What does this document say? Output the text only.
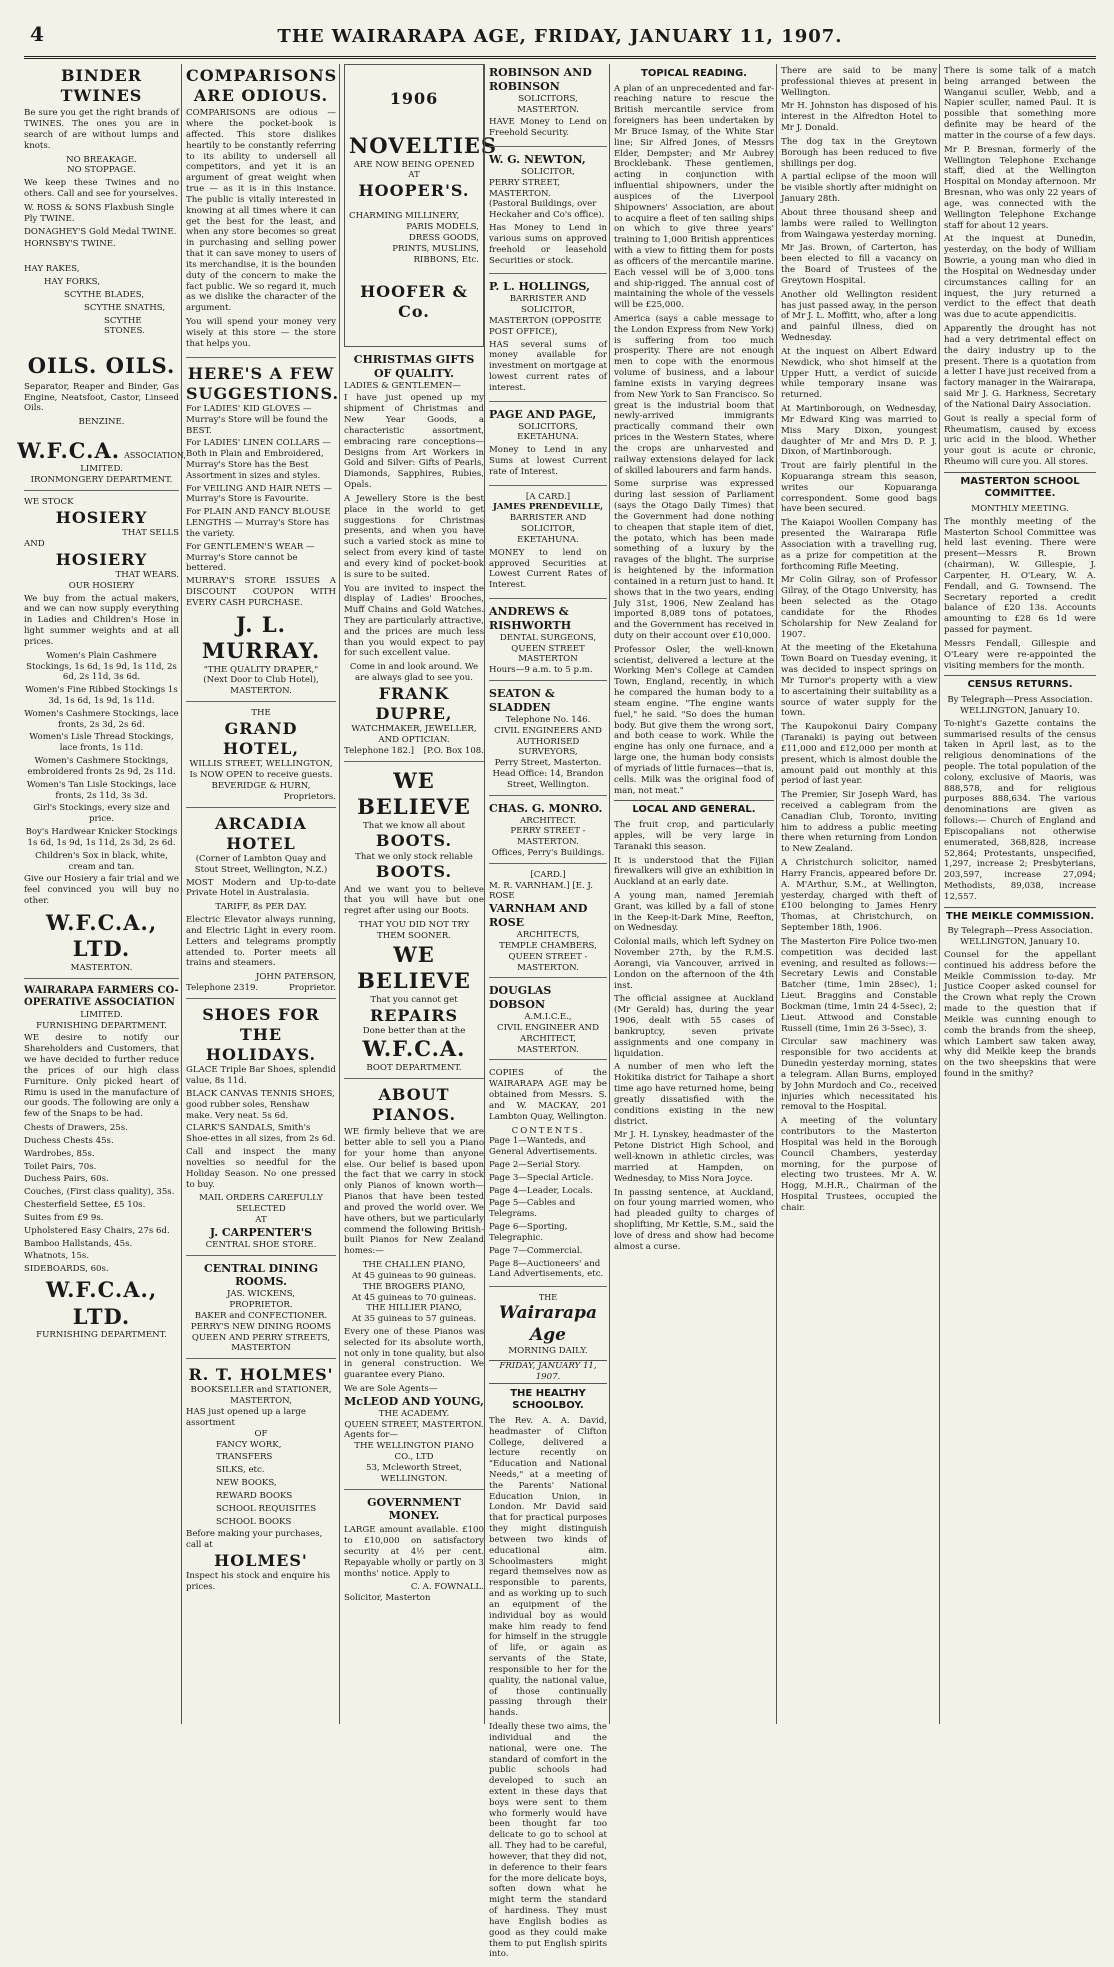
4	THE WAIRARAPA AGE, FRIDAY, JANUARY 11, 1907.
BINDER TWINES
Be sure you get the right brands of TWINES. The ones you are in search of are without lumps and knots.
NO BREAKAGE.
NO STOPPAGE.
We keep these Twines and no others. Call and see for yourselves.
W. ROSS & SONS Flaxbush Single Ply TWINE.
DONAGHEY'S Gold Medal TWINE.
HORNSBY'S TWINE.
HAY RAKES,
HAY FORKS,
SCYTHE BLADES,
SCYTHE SNATHS,
SCYTHE STONES.
OILS. OILS.
Separator, Reaper and Binder, Gas Engine, Neatsfoot, Castor, Linseed Oils.
BENZINE.
W.F.C.A. ASSOCIATION,
LIMITED.
IRONMONGERY DEPARTMENT.
WE STOCK
HOSIERY
THAT SELLS
AND
HOSIERY
THAT WEARS.
OUR HOSIERY
We buy from the actual makers, and we can now supply everything in Ladies and Children's Hose in light summer weights and at all prices.
Women's Plain Cashmere Stockings, 1s 6d, 1s 9d, 1s 11d, 2s 6d, 2s 11d, 3s 6d.
Women's Fine Ribbed Stockings 1s 3d, 1s 6d, 1s 9d, 1s 11d.
Women's Cashmere Stockings, lace fronts, 2s 3d, 2s 6d.
Women's Lisle Thread Stockings, lace fronts, 1s 11d.
Women's Cashmere Stockings, embroidered fronts 2s 9d, 2s 11d.
Women's Tan Lisle Stockings, lace fronts, 2s 11d, 3s 3d.
Girl's Stockings, every size and price.
Boy's Hardwear Knicker Stockings 1s 6d, 1s 9d, 1s 11d, 2s 3d, 2s 6d.
Children's Sox in black, white, cream and tan.
Give our Hosiery a fair trial and we feel convinced you will buy no other.
W.F.C.A., LTD.
MASTERTON.
WAIRARAPA FARMERS CO-OPERATIVE ASSOCIATION
LIMITED.
FURNISHING DEPARTMENT.
WE desire to notify our Shareholders and Customers, that we have decided to further reduce the prices of our high class Furniture. Only picked heart of Rimu is used in the manufacture of our goods. The following are only a few of the Snaps to be had.
Chests of Drawers, 25s.
Duchess Chests 45s.
Wardrobes, 85s.
Toilet Pairs, 70s.
Duchess Pairs, 60s.
Couches, (First class quality), 35s.
Chesterfield Settee, £5 10s.
Suites from £9 9s.
Upholstered Easy Chairs, 27s 6d.
Bamboo Hallstands, 45s.
Whatnots, 15s.
SIDEBOARDS, 60s.
W.F.C.A., LTD.
FURNISHING DEPARTMENT.
COMPARISONS ARE ODIOUS.
COMPARISONS are odious — where the pocket-book is affected. This store dislikes heartily to be constantly referring to its ability to undersell all competitors, and yet it is an argument of great weight when true — as it is in this instance. The public is vitally interested in knowing at all times where it can get the best for the least, and when any store becomes so great in purchasing and selling power that it can save money to users of its merchandise, it is the bounden duty of the concern to make the fact public. We so regard it, much as we dislike the character of the argument.
You will spend your money very wisely at this store — the store that helps you.
HERE'S A FEW SUGGESTIONS.
For LADIES' KID GLOVES — Murray's Store will be found the BEST.
For LADIES' LINEN COLLARS — Both in Plain and Embroidered, Murray's Store has the Best Assortment in sizes and styles.
For VEILING AND HAIR NETS — Murray's Store is Favourite.
For PLAIN AND FANCY BLOUSE LENGTHS — Murray's Store has the variety.
For GENTLEMEN'S WEAR — Murray's Store cannot be bettered.
MURRAY'S STORE ISSUES A DISCOUNT COUPON WITH EVERY CASH PURCHASE.
J. L. MURRAY.
"THE QUALITY DRAPER,"
(Next Door to Club Hotel),
MASTERTON.
THE
GRAND HOTEL,
WILLIS STREET, WELLINGTON,
Is NOW OPEN to receive guests.
BEVERIDGE & HURN,
Proprietors.
ARCADIA HOTEL
(Corner of Lambton Quay and Stout Street, Wellington, N.Z.)
MOST Modern and Up-to-date Private Hotel in Australasia.
TARIFF, 8s PER DAY.
Electric Elevator always running, and Electric Light in every room. Letters and telegrams promptly attended to. Porter meets all trains and steamers.
JOHN PATERSON,
Telephone 2319.	Proprietor.
SHOES FOR THE HOLIDAYS.
GLACE Triple Bar Shoes, splendid value, 8s 11d.
BLACK CANVAS TENNIS SHOES, good rubber soles, Renshaw make. Very neat. 5s 6d.
CLARK'S SANDALS, Smith's Shoe-ettes in all sizes, from 2s 6d.
Call and inspect the many novelties so needful for the Holiday Season. No one pressed to buy.
MAIL ORDERS CAREFULLY SELECTED
AT
J. CARPENTER'S
CENTRAL SHOE STORE.
CENTRAL DINING ROOMS.
JAS. WICKENS,
PROPRIETOR.
BAKER and CONFECTIONER.
PERRY'S NEW DINING ROOMS
QUEEN AND PERRY STREETS,
MASTERTON
R. T. HOLMES'
BOOKSELLER and STATIONER,
MASTERTON,
HAS just opened up a large assortment
OF
FANCY WORK,
TRANSFERS
SILKS, etc.
NEW BOOKS,
REWARD BOOKS
SCHOOL REQUISITES
SCHOOL BOOKS
Before making your purchases, call at
HOLMES'
Inspect his stock and enquire his prices.
1906
NOVELTIES
ARE NOW BEING OPENED
AT
HOOPER'S.
CHARMING MILLINERY,
PARIS MODELS,
DRESS GOODS,
PRINTS, MUSLINS,
RIBBONS, Etc.
HOOFER & Co.
CHRISTMAS GIFTS OF QUALITY.
LADIES & GENTLEMEN—
I have just opened up my shipment of Christmas and New Year Goods, a characteristic assortment, embracing rare conceptions—Designs from Art Workers in Gold and Silver: Gifts of Pearls, Diamonds, Sapphires, Rubies, Opals.
A Jewellery Store is the best place in the world to get suggestions for Christmas presents, and when you have such a varied stock as mine to select from every kind of taste and every kind of pocket-book is sure to be suited.
You are invited to inspect the display of Ladies' Brooches, Muff Chains and Gold Watches. They are particularly attractive, and the prices are much less than you would expect to pay for such excellent value.
Come in and look around. We are always glad to see you.
FRANK DUPRE,
WATCHMAKER, JEWELLER, AND OPTICIAN.
Telephone 182.] [P.O. Box 108.
WE BELIEVE
That we know all about
BOOTS.
That we only stock reliable
BOOTS.
And we want you to believe that you will have but one regret after using our Boots.
THAT YOU DID NOT TRY THEM SOONER.
WE BELIEVE
That you cannot get
REPAIRS
Done better than at the
W.F.C.A.
BOOT DEPARTMENT.
ABOUT PIANOS.
WE firmly believe that we are better able to sell you a Piano for your home than anyone else. Our belief is based upon the fact that we carry in stock only Pianos of known worth—Pianos that have been tested and proved the world over. We have others, but we particularly commend the following British-built Pianos for New Zealand homes:—
THE CHALLEN PIANO,
At 45 guineas to 90 guineas.
THE BROGERS PIANO,
At 45 guineas to 70 guineas.
THE HILLIER PIANO,
At 35 guineas to 57 guineas.
Every one of these Pianos was selected for its absolute worth, not only in tone quality, but also in general construction. We guarantee every Piano.
We are Sole Agents—
McLEOD AND YOUNG,
THE ACADEMY.
QUEEN STREET, MASTERTON.
Agents for—
THE WELLINGTON PIANO CO., LTD
53, Mcleworth Street,
WELLINGTON.
GOVERNMENT MONEY.
LARGE amount available. £100 to £10,000 on satisfactory security at 4½ per cent. Repayable wholly or partly on 3 months' notice. Apply to
C. A. FOWNALL.
Solicitor, Masterton
ROBINSON AND ROBINSON
SOLICITORS,
MASTERTON.
HAVE Money to Lend on Freehold Security.
W. G. NEWTON,
SOLICITOR,
PERRY STREET, MASTERTON.
(Pastoral Buildings, over Heckaher and Co's office).
Has Money to Lend in various sums on approved freehold or leasehold Securities or stock.
P. L. HOLLINGS,
BARRISTER AND SOLICITOR,
MASTERTON (OPPOSITE POST OFFICE),
HAS several sums of money available for investment on mortgage at lowest current rates of interest.
PAGE AND PAGE,
SOLICITORS, EKETAHUNA.
Money to Lend in any Sums at lowest Current rate of Interest.
[A CARD.]
JAMES PRENDEVILLE,
BARRISTER AND SOLICITOR,
EKETAHUNA.
MONEY to lend on approved Securities at Lowest Current Rates of Interest.
ANDREWS & RISHWORTH
DENTAL SURGEONS,
QUEEN STREET MASTERTON
Hours—9 a.m. to 5 p.m.
SEATON & SLADDEN
Telephone No. 146.
CIVIL ENGINEERS AND AUTHORISED SURVEYORS,
Perry Street, Masterton.
Head Office: 14, Brandon Street, Wellington.
CHAS. G. MONRO.
ARCHITECT.
PERRY STREET - MASTERTON.
Offices, Perry's Buildings.
[CARD.]
M. R. VARNHAM.] [E. J. ROSE
VARNHAM AND ROSE
ARCHITECTS,
TEMPLE CHAMBERS,
QUEEN STREET - MASTERTON.
DOUGLAS DOBSON
A.M.I.C.E.,
CIVIL ENGINEER AND ARCHITECT,
MASTERTON.
COPIES of the WAIRARAPA AGE may be obtained from Messrs. S. and W. MACKAY, 201 Lambton Quay, Wellington.
CONTENTS.
Page 1—Wanteds, and General Advertisements.
Page 2—Serial Story.
Page 3—Special Article.
Page 4—Leader, Locals.
Page 5—Cables and Telegrams.
Page 6—Sporting, Telegraphic.
Page 7—Commercial.
Page 8—Auctioneers' and Land Advertisements, etc.
THE
Wairarapa Age
MORNING DAILY.
FRIDAY, JANUARY 11, 1907.
THE HEALTHY SCHOOLBOY.
The Rev. A. A. David, headmaster of Clifton College, delivered a lecture recently on "Education and National Needs," at a meeting of the Parents' National Education Union, in London. Mr David said that for practical purposes they might distinguish between two kinds of educational aim. Schoolmasters might regard themselves now as responsible to parents, and as working up to such an equipment of the individual boy as would make him ready to fend for himself in the struggle of life, or again as servants of the State, responsible to her for the quality, the national value, of those continually passing through their hands.
Ideally these two aims, the individual and the national, were one. The standard of comfort in the public schools had developed to such an extent in these days that boys were sent to them who formerly would have been thought far too delicate to go to school at all. They had to be careful, however, that they did not, in deference to their fears for the more delicate boys, soften down what he might term the standard of hardiness. They must have English bodies as good as they could make them to put English spirits into.
TOPICAL READING.
A plan of an unprecedented and far-reaching nature to rescue the British mercantile service from foreigners has been undertaken by Mr Bruce Ismay, of the White Star line; Sir Alfred Jones, of Messrs Elder, Dempster; and Mr Aubrey Brocklebank. These gentlemen, acting in conjunction with influential shipowners, under the auspices of the Liverpool Shipowners' Association, are about to acquire a fleet of ten sailing ships on which to give three years' training to 1,000 British apprentices with a view to fitting them for posts as officers of the mercantile marine. Each vessel will be of 3,000 tons and ship-rigged. The annual cost of maintaining the whole of the vessels will be £25,000.
America (says a cable message to the London Express from New York) is suffering from too much prosperity. There are not enough men to cope with the enormous volume of business, and a labour famine exists in varying degrees from New York to San Francisco. So great is the industrial boom that newly-arrived immigrants practically command their own prices in the Western States, where the crops are unharvested and railway extensions delayed for lack of skilled labourers and farm hands.
Some surprise was expressed during last session of Parliament (says the Otago Daily Times) that the Government had done nothing to cheapen that staple item of diet, the potato, which has been made something of a luxury by the ravages of the blight. The surprise is heightened by the information contained in a return just to hand. It shows that in the two years, ending July 31st, 1906, New Zealand has imported 8,089 tons of potatoes, and the Government has received in duty on their account over £10,000.
Professor Osler, the well-known scientist, delivered a lecture at the Working Men's College at Camden Town, England, recently, in which he compared the human body to a steam engine. "The engine wants fuel," he said. "So does the human body. But give them the wrong sort, and both cease to work. While the engine has only one furnace, and a large one, the human body consists of myriads of little furnaces—that is, cells. Milk was the original food of man, not meat."
LOCAL AND GENERAL.
The fruit crop, and particularly apples, will be very large in Taranaki this season.
It is understood that the Fijian firewalkers will give an exhibition in Auckland at an early date.
A young man, named Jeremiah Grant, was killed by a fall of stone in the Keep-it-Dark Mine, Reefton, on Wednesday.
Colonial mails, which left Sydney on November 27th, by the R.M.S. Aorangi, via Vancouver, arrived in London on the afternoon of the 4th inst.
The official assignee at Auckland (Mr Gerald) has, during the year 1906, dealt with 55 cases of bankruptcy, seven private assignments and one company in liquidation.
A number of men who left the Hokitika district for Taihape a short time ago have returned home, being greatly dissatisfied with the conditions existing in the new district.
Mr J. H. Lynskey, headmaster of the Petone District High School, and well-known in athletic circles, was married at Hampden, on Wednesday, to Miss Nora Joyce.
In passing sentence, at Auckland, on four young married women, who had pleaded guilty to charges of shoplifting, Mr Kettle, S.M., said the love of dress and show had become almost a curse.
There are said to be many professional thieves at present in Wellington.
Mr H. Johnston has disposed of his interest in the Alfredton Hotel to Mr J. Donald.
The dog tax in the Greytown Borough has been reduced to five shillings per dog.
A partial eclipse of the moon will be visible shortly after midnight on January 28th.
About three thousand sheep and lambs were railed to Wellington from Waingawa yesterday morning.
Mr Jas. Brown, of Carterton, has been elected to fill a vacancy on the Board of Trustees of the Greytown Hospital.
Another old Wellington resident has just passed away, in the person of Mr J. L. Moffitt, who, after a long and painful illness, died on Wednesday.
At the inquest on Albert Edward Newdick, who shot himself at the Upper Hutt, a verdict of suicide while temporary insane was returned.
At Martinborough, on Wednesday, Mr Edward King was married to Miss Mary Dixon, youngest daughter of Mr and Mrs D. P. J. Dixon, of Martinborough.
Trout are fairly plentiful in the Kopuaranga stream this season, writes our Kopuaranga correspondent. Some good bags have been secured.
The Kaiapoi Woollen Company has presented the Wairarapa Rifle Association with a travelling rug, as a prize for competition at the forthcoming Rifle Meeting.
Mr Colin Gilray, son of Professor Gilray, of the Otago University, has been selected as the Otago candidate for the Rhodes Scholarship for New Zealand for 1907.
At the meeting of the Eketahuna Town Board on Tuesday evening, it was decided to inspect springs on Mr Turnor's property with a view to ascertaining their suitability as a source of water supply for the town.
The Kaupokonui Dairy Company (Taranaki) is paying out between £11,000 and £12,000 per month at present, which is almost double the amount paid out monthly at this period of last year.
The Premier, Sir Joseph Ward, has received a cablegram from the Canadian Club, Toronto, inviting him to address a public meeting there when returning from London to New Zealand.
A Christchurch solicitor, named Harry Francis, appeared before Dr. A. M'Arthur, S.M., at Wellington, yesterday, charged with theft of £100 belonging to James Henry Thomas, at Christchurch, on September 18th, 1906.
The Masterton Fire Police two-men competition was decided last evening, and resulted as follows:— Secretary Lewis and Constable Batcher (time, 1min 28sec), 1; Lieut. Braggins and Constable Bockman (time, 1min 24 4-5sec), 2; Lieut. Attwood and Constable Russell (time, 1min 26 3-5sec), 3.
Circular saw machinery was responsible for two accidents at Dunedin yesterday morning, states a telegram. Allan Burns, employed by John Murdoch and Co., received injuries which necessitated his removal to the Hospital.
A meeting of the voluntary contributors to the Masterton Hospital was held in the Borough Council Chambers, yesterday morning, for the purpose of electing two trustees. Mr A. W. Hogg, M.H.R., Chairman of the Hospital Trustees, occupied the chair.
There is some talk of a match being arranged between the Wanganui sculler, Webb, and a Napier sculler, named Paul. It is possible that something more definite may be heard of the matter in the course of a few days.
Mr P. Bresnan, formerly of the Wellington Telephone Exchange staff, died at the Wellington Hospital on Monday afternoon. Mr Bresnan, who was only 22 years of age, was connected with the Wellington Telephone Exchange staff for about 12 years.
At the inquest at Dunedin, yesterday, on the body of William Bowrie, a young man who died in the Hospital on Wednesday under circumstances calling for an inquest, the jury returned a verdict to the effect that death was due to acute appendicitis.
Apparently the drought has not had a very detrimental effect on the dairy industry up to the present. There is a quotation from a letter I have just received from a factory manager in the Wairarapa, said Mr J. G. Harkness, Secretary of the National Dairy Association.
Gout is really a special form of Rheumatism, caused by excess uric acid in the blood. Whether your gout is acute or chronic, Rheumo will cure you. All stores.
MASTERTON SCHOOL COMMITTEE.
MONTHLY MEETING.
The monthly meeting of the Masterton School Committee was held last evening. There were present—Messrs R. Brown (chairman), W. Gillespie, J. Carpenter, H. O'Leary, W. A. Fendall, and G. Townsend. The Secretary reported a credit balance of £20 13s. Accounts amounting to £28 6s 1d were passed for payment.
Messrs Fendall, Gillespie and O'Leary were re-appointed the visiting members for the month.
CENSUS RETURNS.
By Telegraph—Press Association.
WELLINGTON, January 10.
To-night's Gazette contains the summarised results of the census taken in April last, as to the religious denominations of the people. The total population of the colony, exclusive of Maoris, was 888,578, and for religious purposes 888,634. The various denominations are given as follows:— Church of England and Episcopalians not otherwise enumerated, 368,828, increase 52,864; Protestants, unspecified, 1,297, increase 2; Presbyterians, 203,597, increase 27,094; Methodists, 89,038, increase 12,557.
THE MEIKLE COMMISSION.
By Telegraph—Press Association.
WELLINGTON, January 10.
Counsel for the appellant continued his address before the Meikle Commission to-day. Mr Justice Cooper asked counsel for the Crown what reply the Crown made to the question that if Meikle was cunning enough to comb the brands from the sheep, which Lambert saw taken away, why did Meikle keep the brands on the two sheepskins that were found in the smithy?
